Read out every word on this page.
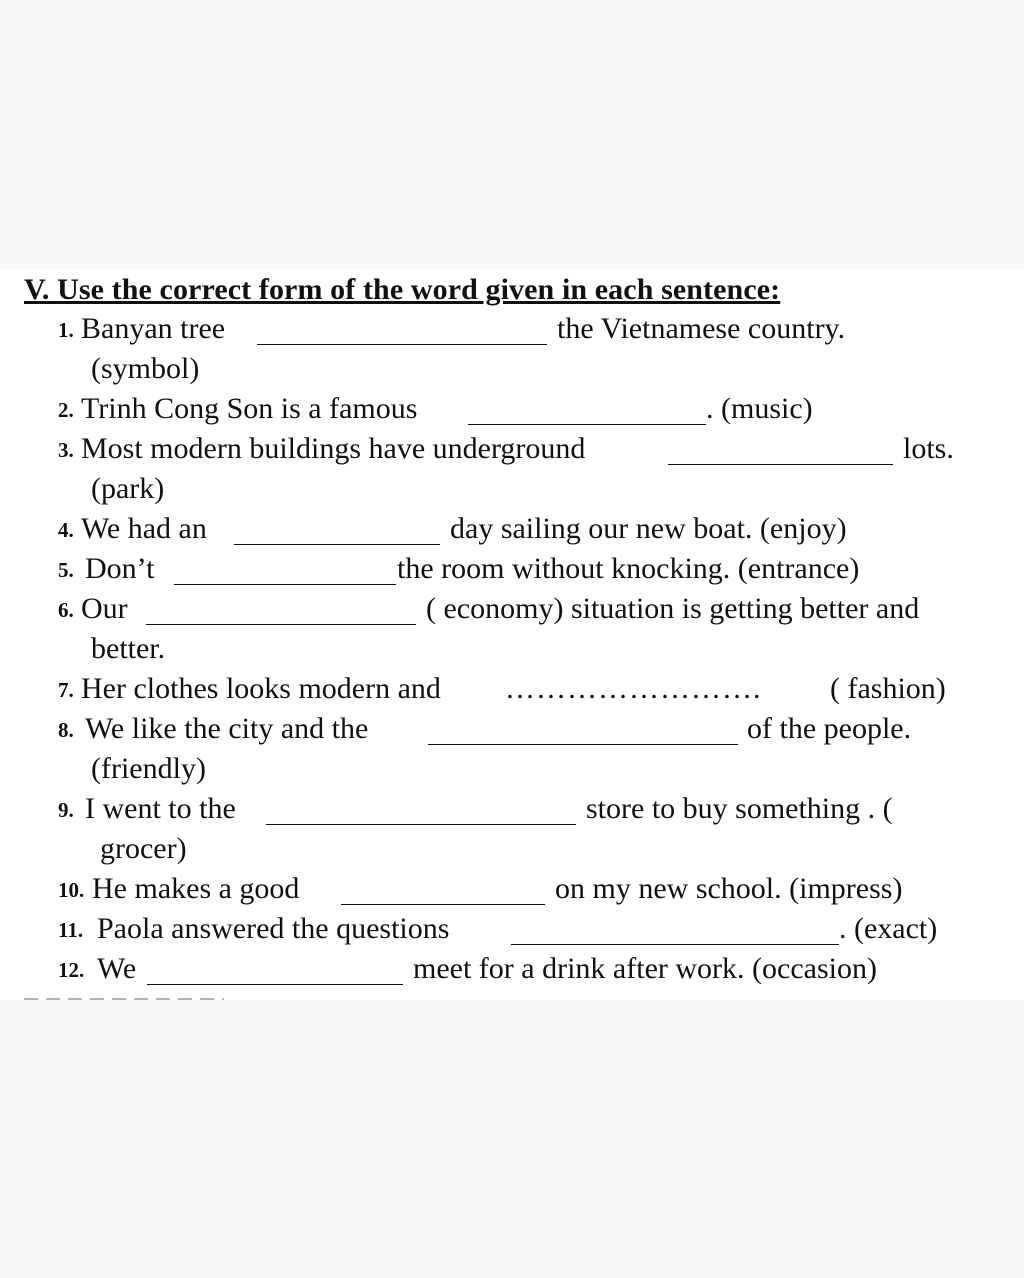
V. Use the correct form of the word given in each sentence:
1. Banyan tree	the Vietnamese country.
(symbol)
2. Trinh Cong Son is a famous	. (music)
3. Most modern buildings have underground	lots.
(park)
4. We had an	day sailing our new boat. (enjoy)
5. Don’t	the room without knocking. (entrance)
6. Our	( economy) situation is getting better and
better.
7. Her clothes looks modern and ……………………. ( fashion)
8. We like the city and the	of the people.
(friendly)
9. I went to the	store to buy something . (
grocer)
10. He makes a good	on my new school. (impress)
11. Paola answered the questions	. (exact)
12. We	meet for a drink after work. (occasion)
